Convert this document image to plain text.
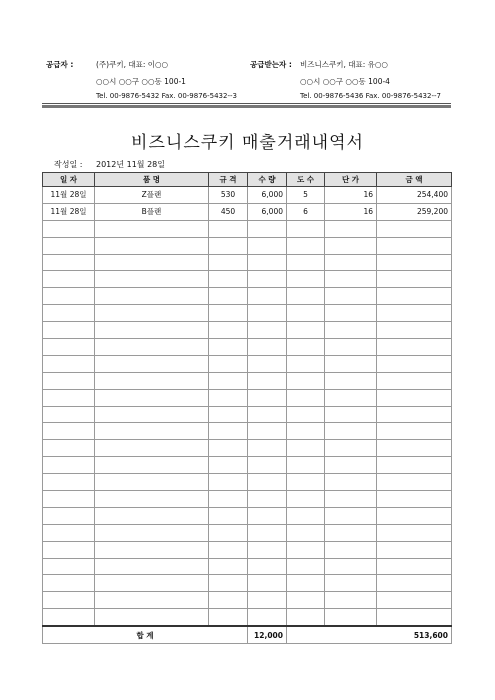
공급자 :	(주)쿠키, 대표: 이○○
○○시 ○○구 ○○동 100-1
Tel. 00-9876-5432 Fax. 00-9876-5432--3
공급받는자 : 비즈니스쿠키, 대표: 유○○
○○시 ○○구 ○○동 100-4
Tel. 00-9876-5436 Fax. 00-9876-5432--7
비즈니스쿠키 매출거래내역서
작성일 : 2012년 11월 28일
일 자	품 명	규 격	수 량	도 수	단 가	금 액
11월 28일	Z플랜	530	6,000	5	16	254,400
11월 28일	B플랜	450	6,000	6	16	259,200

합 계			12,000	513,600		
